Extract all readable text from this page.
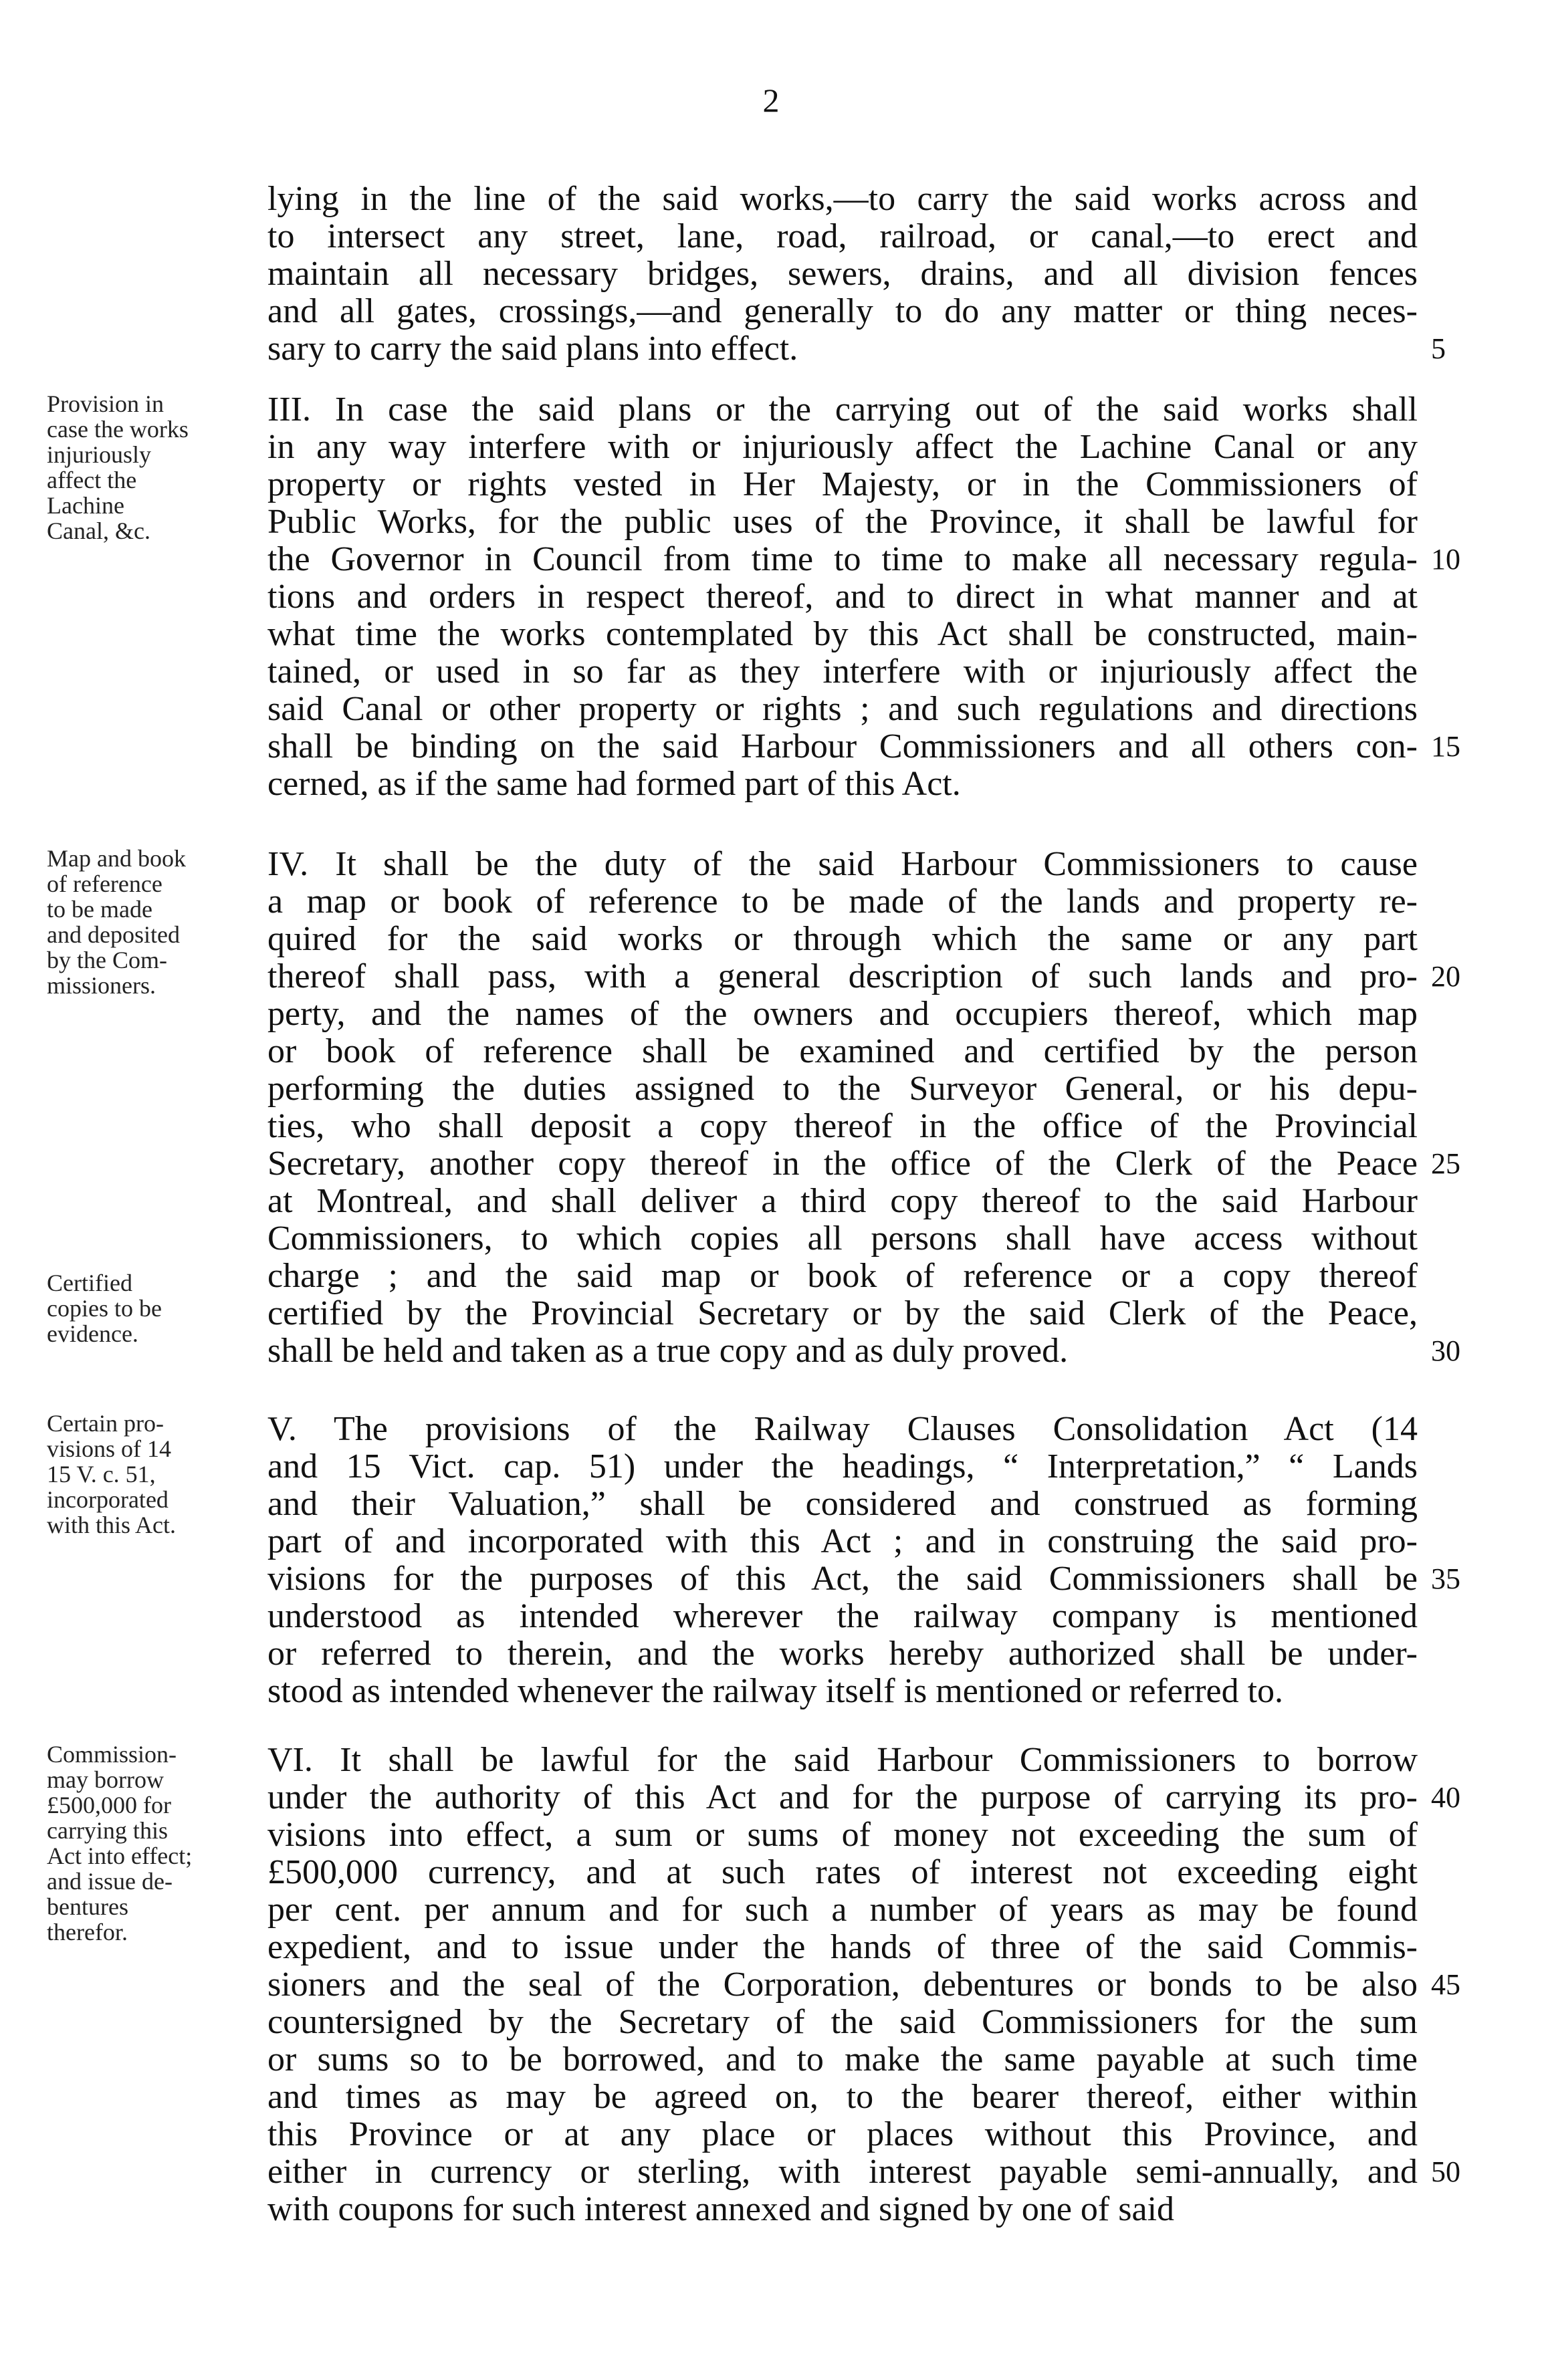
2
lying in the line of the said works,—to carry the said works across and
to intersect any street, lane, road, railroad, or canal,—to erect and
maintain all necessary bridges, sewers, drains, and all division fences
and all gates, crossings,—and generally to do any matter or thing neces-
sary to carry the said plans into effect.	5
Provision in
case the works
injuriously
affect the
Lachine
Canal, &c.
III. In case the said plans or the carrying out of the said works shall
in any way interfere with or injuriously affect the Lachine Canal or any
property or rights vested in Her Majesty, or in the Commissioners of
Public Works, for the public uses of the Province, it shall be lawful for
the Governor in Council from time to time to make all necessary regula-
tions and orders in respect thereof, and to direct in what manner and at
what time the works contemplated by this Act shall be constructed, main-
tained, or used in so far as they interfere with or injuriously affect the
said Canal or other property or rights ; and such regulations and directions
shall be binding on the said Harbour Commissioners and all others con-
cerned, as if the same had formed part of this Act.
10
15
Map and book
of reference
to be made
and deposited
by the Com-
missioners.
Certified
copies to be
evidence.
IV. It shall be the duty of the said Harbour Commissioners to cause
a map or book of reference to be made of the lands and property re-
quired for the said works or through which the same or any part
thereof shall pass, with a general description of such lands and pro-
perty, and the names of the owners and occupiers thereof, which map
or book of reference shall be examined and certified by the person
performing the duties assigned to the Surveyor General, or his depu-
ties, who shall deposit a copy thereof in the office of the Provincial
Secretary, another copy thereof in the office of the Clerk of the Peace
at Montreal, and shall deliver a third copy thereof to the said Harbour
Commissioners, to which copies all persons shall have access without
charge ; and the said map or book of reference or a copy thereof
certified by the Provincial Secretary or by the said Clerk of the Peace,
shall be held and taken as a true copy and as duly proved.
20
25
30
Certain pro-
visions of 14
15 V. c. 51,
incorporated
with this Act.
V. The provisions of the Railway Clauses Consolidation Act (14
and 15 Vict. cap. 51) under the headings, “ Interpretation,” “ Lands
and their Valuation,” shall be considered and construed as forming
part of and incorporated with this Act ; and in construing the said pro-
visions for the purposes of this Act, the said Commissioners shall be
understood as intended wherever the railway company is mentioned
or referred to therein, and the works hereby authorized shall be under-
stood as intended whenever the railway itself is mentioned or referred to.
35
Commission-
may borrow
£500,000 for
carrying this
Act into effect;
and issue de-
bentures
therefor.
VI. It shall be lawful for the said Harbour Commissioners to borrow
under the authority of this Act and for the purpose of carrying its pro-
visions into effect, a sum or sums of money not exceeding the sum of
£500,000 currency, and at such rates of interest not exceeding eight
per cent. per annum and for such a number of years as may be found
expedient, and to issue under the hands of three of the said Commis-
sioners and the seal of the Corporation, debentures or bonds to be also
countersigned by the Secretary of the said Commissioners for the sum
or sums so to be borrowed, and to make the same payable at such time
and times as may be agreed on, to the bearer thereof, either within
this Province or at any place or places without this Province, and
either in currency or sterling, with interest payable semi-annually, and
with coupons for such interest annexed and signed by one of said
40
45
50
